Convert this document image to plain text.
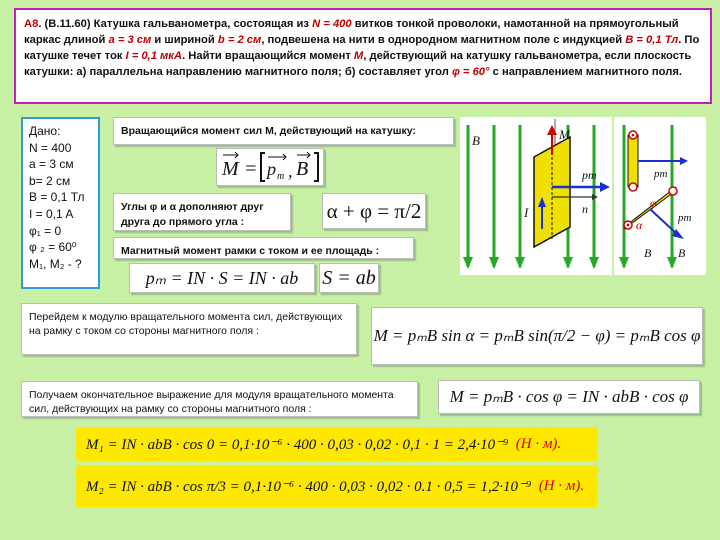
А8. (В.11.60) Катушка гальванометра, состоящая из N = 400 витков тонкой проволоки, намотанной на прямоугольный каркас длиной а = 3 см и шириной b = 2 см, подвешена на нити в однородном магнитном поле с индукцией В = 0,1 Тл. По катушке течет ток I = 0,1 мкА. Найти вращающийся момент М, действующий на катушку гальванометра, если плоскость катушки: а) параллельна направлению магнитного поля; б) составляет угол φ = 60° с направлением магнитного поля.
Дано:
N = 400
a = 3 см
b= 2 см
B = 0,1 Тл
I = 0,1 A
φ₁ = 0
φ ₂ = 60⁰
M₁, M₂ - ?
Вращающийся момент сил M, действующий на катушку:
M = p m , B
Углы φ и α дополняют друг друга до прямого угла :	α + φ = π/2
Магнитный момент рамки с током и ее площадь :
pₘ = IN · S = IN · ab	S = ab
B	M
pm
n
I
pm
pm
α
φ
B B
Перейдем к модулю вращательного момента сил, действующих на рамку с током со стороны магнитного поля :	M = pₘB sin α = pₘB sin(π/2 − φ) = pₘB cos φ
Получаем окончательное выражение для модуля вращательного момента сил, действующих на рамку со стороны магнитного поля :
M = pₘB · cos φ = IN · abB · cos φ
M₁ = IN · abB · cos 0 = 0,1·10⁻⁶ · 400 · 0,03 · 0,02 · 0,1 · 1 = 2,4·10⁻⁹
(Н · м).
M₂ = IN · abB · cos π/3 = 0,1·10⁻⁶ · 400 · 0,03 · 0,02 · 0.1 · 0,5 = 1,2·10⁻⁹
(Н · м).
